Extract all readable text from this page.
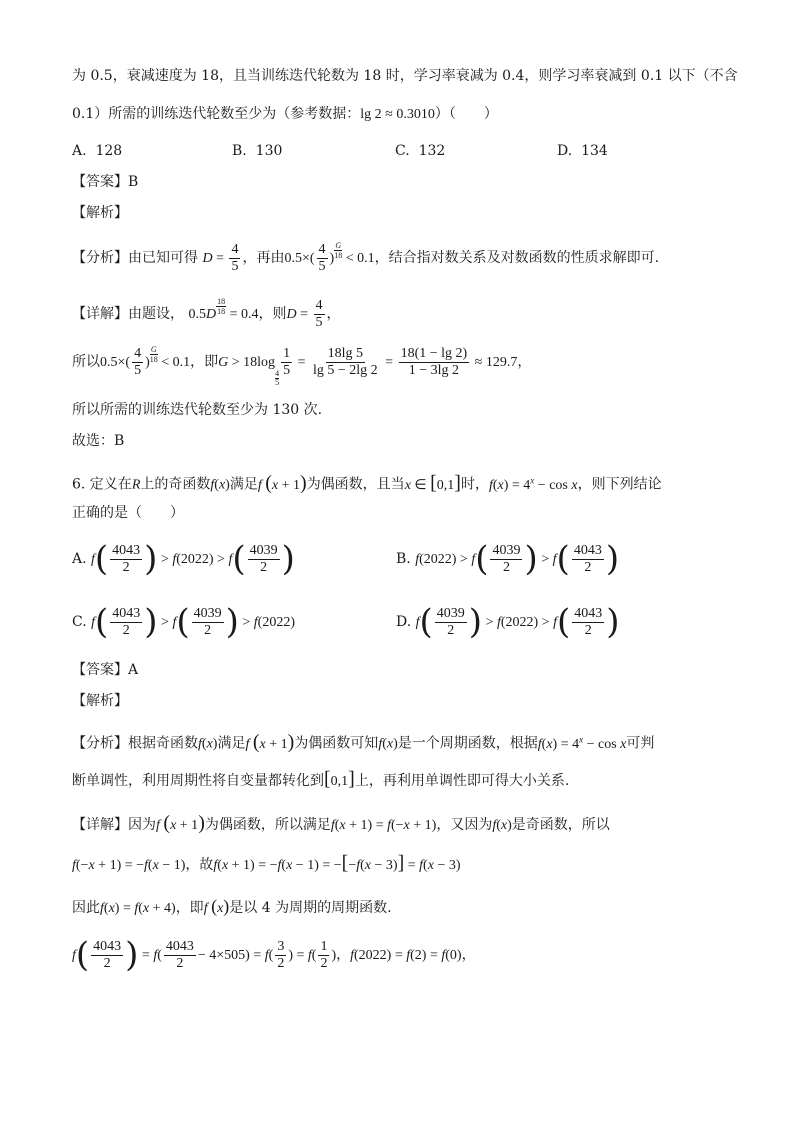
为 0.5，衰减速度为 18，且当训练迭代轮数为 18 时，学习率衰减为 0.4，则学习率衰减到 0.1 以下（不含
0.1）所需的训练迭代轮数至少为（参考数据：lg 2 ≈ 0.3010）（　　）
A. 128	B. 130	C. 132	D. 134
【答案】B
【解析】
【分析】由已知可得 $D = \frac{4}{5}$ ，再由$0.5\times( \frac{4}{5}$ ) $\frac{G}{18} < 0.1$，结合指对数关系及对数函数的性质求解即可.
【详解】由题设， $0.5D \frac{18}{18} = 0.4$，则$D = \frac{4}{5}$ ，
所以$0.5\times( \frac{4}{5}$ ) $\frac{G}{18} < 0.1$，即G > 18log
$_{\frac{4}{5}} \frac{1}{5} = \frac{18\lg 5}{\lg 5 - 2\lg 2} = \frac{18(1 - \lg 2)}{1 - 3\lg 2} \approx 129.7$，
所以所需的训练迭代轮数至少为 130 次.
故选：B
6. 定义在R上的奇函数f(x)满足f (x + 1)为偶函数，且当x ∈ [0,1]时，$f(x) = 4^x - \cos x$，则下列结论
正确的是（　　）
A. $f( \frac{4043}{2}$ ) > $f(2022) > f( \frac{4039}{2}$ )	B. $f(2022) > f( \frac{4039}{2}$ ) > $f( \frac{4043}{2}$ )
C. $f( \frac{4043}{2}$ ) > $f( \frac{4039}{2}$ ) > f(2022)	D. $f( \frac{4039}{2}$ ) > $f(2022) > f( \frac{4043}{2}$ )
【答案】A
【解析】
【分析】根据奇函数f(x)满足f (x + 1)为偶函数可知f(x)是一个周期函数，根据$f(x) = 4^x - \cos x$可判
断单调性，利用周期性将自变量都转化到[0,1]上，再利用单调性即可得大小关系.
【详解】因为f (x + 1)为偶函数，所以满足f(x + 1) = f(−x + 1)，又因为f(x)是奇函数，所以
f(−x + 1) = −f(x − 1)，故f(x + 1) = −f(x − 1) = −[−f(x − 3)] = f(x − 3)
因此f(x) = f(x + 4)，即f (x)是以 4 为周期的周期函数.
$f( \frac{4043}{2}$ ) = $f( \frac{4043}{2} - 4\times 505) = f( \frac{3}{2}$ ) = $f( \frac{1}{2}$ )，f(2022) = f(2) = f(0)，
